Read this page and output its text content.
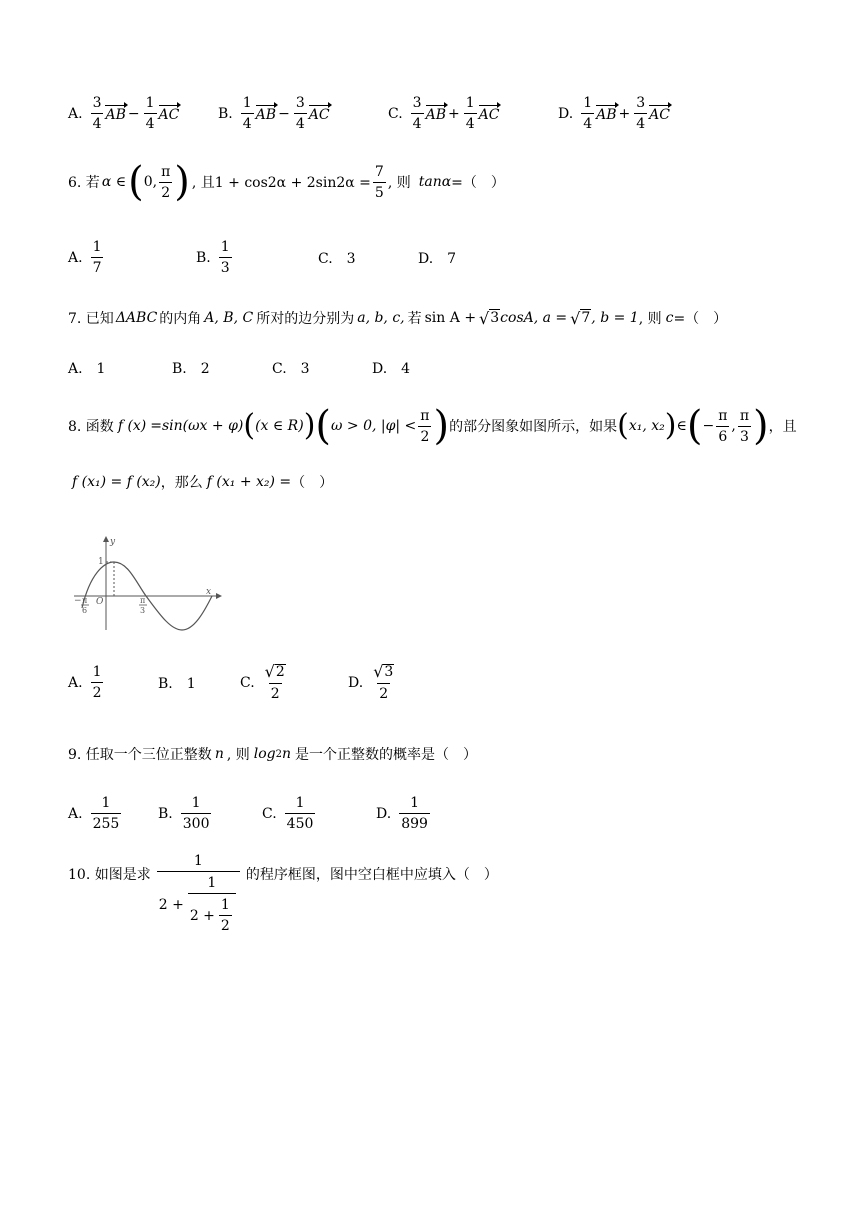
A. $\frac{3}{4}$ AB − $\frac{1}{4}$ AC	B. $\frac{1}{4}$ AB − $\frac{3}{4}$ AC	C. $\frac{3}{4}$ AB + $\frac{1}{4}$ AC	D. $\frac{1}{4}$ AB + $\frac{3}{4}$ AC
6. 若 α ∈ ( 0, $\frac{\pi}{2}$ ) , 且$1 + \cos 2\alpha + 2\sin 2\alpha = \frac{7}{5}$ , 则 tanα =（　）
A. $\frac{1}{7}$	B. $\frac{1}{3}$	C.　3	D.　7
7. 已知 ΔABC 的内角 A, B, C 所对的边分别为 a, b, c, 若 sin A + √ 3 cosA, a = √ 7 , b = 1 , 则 c =（　）
A.　1	B.　2	C.　3	D.　4
8. 函数 f (x) =sin(ωx + φ) ( (x ∈ R) ) ( ω > 0, $|\varphi| < \frac{\pi}{2}$ ) 的部分图象如图所示，如果 ( x₁, x₂ ) ∈ ( − $\frac{\pi}{6}$ , $\frac{\pi}{3}$ ) ，且
f (x₁) = f (x₂) ，那么 f (x₁ + x₂) = （　）
y
1
x
O
− π
6
π
3
A. $\frac{1}{2}$	B.　1	C. $\frac{√ 2}{2}$	D. $\frac{√ 3}{2}$
9. 任取一个三位正整数 n , 则 log 2 n 是一个正整数的概率是（　）
A. $\frac{1}{255}$	B. $\frac{1}{300}$	C. $\frac{1}{450}$	D. $\frac{1}{899}$
10. 如图是求 $\frac{1}{2 + \frac{1}{2 + \frac{1}{2}}}$ 的程序框图，图中空白框中应填入（　）
